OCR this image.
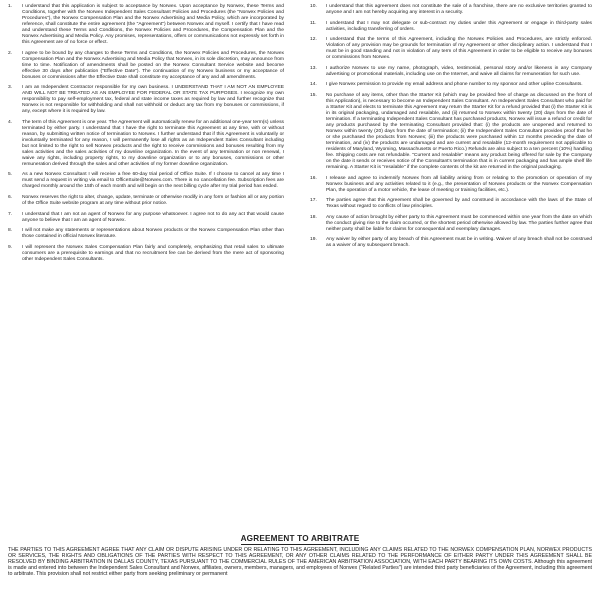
1.	I understand that this application is subject to acceptance by Norwex. Upon acceptance by Norwex, these Terms and Conditions, together with the Norwex Independent Sales Consultant Policies and Procedures (the "Norwex Policies and Procedures"), the Norwex Compensation Plan and the Norwex Advertising and Media Policy, which are incorporated by reference, shall constitute the entire agreement (the "Agreement") between Norwex and myself. I certify that I have read and understand these Terms and Conditions, the Norwex Policies and Procedures, the Compensation Plan and the Norwex Advertising and Media Policy. Any promises, representations, offers or communications not expressly set forth in this Agreement are of no force or effect.
2.	I agree to be bound by any changes to these Terms and Conditions, the Norwex Policies and Procedures, the Norwex Compensation Plan and the Norwex Advertising and Media Policy that Norwex, in its sole discretion, may announce from time to time. Notification of amendments shall be posted on the Norwex Consultant Service website and become effective 30 days after publication ("Effective Date"). The continuation of my Norwex business or my acceptance of bonuses or commissions after the Effective Date shall constitute my acceptance of any and all amendments.
3.	I am an Independent Contractor responsible for my own business. I UNDERSTAND THAT I AM NOT AN EMPLOYEE AND WILL NOT BE TREATED AS AN EMPLOYEE FOR FEDERAL OR STATE TAX PURPOSES. I recognize my own responsibility to pay self-employment tax, federal and state income taxes as required by law and further recognize that Norwex is not responsible for withholding and shall not withhold or deduct any tax from my bonuses or commissions, if any, except where it is required by law.
4.	The term of this Agreement is one year. The Agreement will automatically renew for an additional one-year term(s) unless terminated by either party. I understand that I have the right to terminate this Agreement at any time, with or without reason, by submitting written notice of termination to Norwex. I further understand that if this Agreement is voluntarily or involuntarily terminated for any reason, I will permanently lose all rights as an Independent Sales Consultant including but not limited to the right to sell Norwex products and the right to receive commissions and bonuses resulting from my sales activities and the sales activities of my downline organization. In the event of any termination or non renewal, I waive any rights, including property rights, to my downline organization or to any bonuses, commissions or other remuneration derived through the sales and other activities of my former downline organization.
5.	As a new Norwex Consultant I will receive a free 60-day trial period of Office Suite. If I choose to cancel at any time I must send a request in writing via email to OfficeSuite@Norwex.com. There is no cancellation fee. Subscription fees are charged monthly around the 15th of each month and will begin on the next billing cycle after my trial period has ended.
6.	Norwex reserves the right to alter, change, update, terminate or otherwise modify in any form or fashion all or any portion of the Office Suite website program at any time without prior notice.
7.	I understand that I am not an agent of Norwex for any purpose whatsoever. I agree not to do any act that would cause anyone to believe that I am an agent of Norwex.
8.	I will not make any statements or representations about Norwex products or the Norwex Compensation Plan other than those contained in official Norwex literature.
9.	I will represent the Norwex Sales Compensation Plan fairly and completely, emphasizing that retail sales to ultimate consumers are a prerequisite to earnings and that no recruitment fee can be derived from the mere act of sponsoring other Independent Sales Consultants.
10.	I understand that this agreement does not constitute the sale of a franchise, there are no exclusive territories granted to anyone and I am not hereby acquiring any interest in a security.
11.	I understand that I may not delegate or sub-contract my duties under this Agreement or engage in third-party sales activities, including transferring of orders.
12.	I understand that the terms of this Agreement, including the Norwex Policies and Procedures, are strictly enforced. Violation of any provision may be grounds for termination of my Agreement or other disciplinary action. I understand that I must be in good standing and not in violation of any term of this Agreement in order to be eligible to receive any bonuses or commissions from Norwex.
13.	I authorize Norwex to use my name, photograph, video, testimonial, personal story and/or likeness in any Company advertising or promotional materials, including use on the Internet, and waive all claims for remuneration for such use.
14.	I give Norwex permission to provide my email address and phone number to my sponsor and other upline Consultants.
15.	No purchase of any items, other than the Starter Kit (which may be provided free of charge as discussed on the front of this Application), is necessary to become an Independent Sales Consultant. An Independent Sales Consultant who paid for a Starter Kit and elects to terminate this Agreement may return the Starter Kit for a refund provided that (i) the Starter Kit is in its original packaging, undamaged and resalable, and (ii) returned to Norwex within twenty (20) days from the date of termination. If a terminating Independent Sales Consultant has purchased products, Norwex will issue a refund or credit for any products purchased by the terminating Consultant provided that: (i) the products are unopened and returned to Norwex within twenty (20) days from the date of termination; (ii) the Independent Sales Consultant provides proof that he or she purchased the products from Norwex; (iii) the products were purchased within 12 months preceding the date of termination, and (iv) the products are undamaged and are current and resalable (12-month requirement not applicable to residents of Maryland, Wyoming, Massachusetts or Puerto Rico.) Refunds are also subject to a ten percent (10%) handling fee. Shipping costs are not refundable. "Current and resalable" means any product being offered for sale by the Company on the date it sends or receives notice of the Consultant's termination that is in current packaging and has ample shelf life remaining. A Starter Kit is "resalable" if the complete contents of the kit are returned in the original packaging.
16.	I release and agree to indemnify Norwex from all liability arising from or relating to the promotion or operation of my Norwex business and any activities related to it (e.g., the presentation of Norwex products or the Norwex Compensation Plan, the operation of a motor vehicle, the lease of meeting or training facilities, etc.).
17.	The parties agree that this Agreement shall be governed by and construed in accordance with the laws of the State of Texas without regard to conflicts of law principles.
18.	Any cause of action brought by either party to this Agreement must be commenced within one year from the date on which the conduct giving rise to the claim occurred, or the shortest period otherwise allowed by law. The parties further agree that neither party shall be liable for claims for consequential and exemplary damages.
19.	Any waiver by either party of any breach of this Agreement must be in writing. Waiver of any breach shall not be construed as a waiver of any subsequent breach.
AGREEMENT TO ARBITRATE
THE PARTIES TO THIS AGREEMENT AGREE THAT ANY CLAIM OR DISPUTE ARISING UNDER OR RELATING TO THIS AGREEMENT, INCLUDING ANY CLAIMS RELATED TO THE NORWEX COMPENSATION PLAN, NORWEX PRODUCTS OR SERVICES, THE RIGHTS AND OBLIGATIONS OF THE PARTIES WITH RESPECT TO THIS AGREEMENT, OR ANY OTHER CLAIMS RELATED TO THE PERFORMANCE OF EITHER PARTY UNDER THIS AGREEMENT SHALL BE RESOLVED BY BINDING ARBITRATION IN DALLAS COUNTY, TEXAS PURSUANT TO THE COMMERCIAL RULES OF THE AMERICAN ARBITRATION ASSOCIATION, WITH EACH PARTY BEARING ITS OWN COSTS. Although this agreement is made and entered into between the Independent Sales Consultant and Norwex, affiliates, owners, members, managers, and employees of Norwex ("Related Parties") are intended third party beneficiaries of the Agreement, including this agreement to arbitrate. This provision shall not restrict either party from seeking preliminary or permanent
